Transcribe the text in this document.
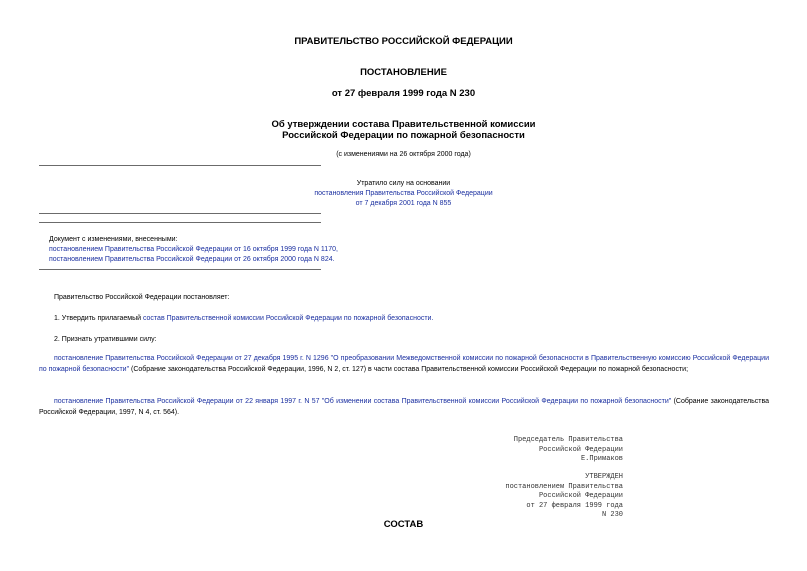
ПРАВИТЕЛЬСТВО РОССИЙСКОЙ ФЕДЕРАЦИИ
ПОСТАНОВЛЕНИЕ
от 27 февраля 1999 года N 230
Об утверждении состава Правительственной комиссии
Российской Федерации по пожарной безопасности
(с изменениями на 26 октября 2000 года)
Утратило силу на основании
постановления Правительства Российской Федерации
от 7 декабря 2001 года N 855
Документ с изменениями, внесенными:
постановлением Правительства Российской Федерации от 16 октября 1999 года N 1170,
постановлением Правительства Российской Федерации от 26 октября 2000 года N 824.
Правительство Российской Федерации постановляет:
1. Утвердить прилагаемый состав Правительственной комиссии Российской Федерации по пожарной безопасности.
2. Признать утратившими силу:
постановление Правительства Российской Федерации от 27 декабря 1995 г. N 1296 "О преобразовании Межведомственной комиссии по пожарной безопасности в Правительственную комиссию Российской Федерации по пожарной безопасности" (Собрание законодательства Российской Федерации, 1996, N 2, ст. 127) в части состава Правительственной комиссии Российской Федерации по пожарной безопасности;
постановление Правительства Российской Федерации от 22 января 1997 г. N 57 "Об изменении состава Правительственной комиссии Российской Федерации по пожарной безопасности" (Собрание законодательства Российской Федерации, 1997, N 4, ст. 564).
Председатель Правительства
Российской Федерации
Е.Примаков
УТВЕРЖДЕН
постановлением Правительства
Российской Федерации
от 27 февраля 1999 года
N 230
СОСТАВ
